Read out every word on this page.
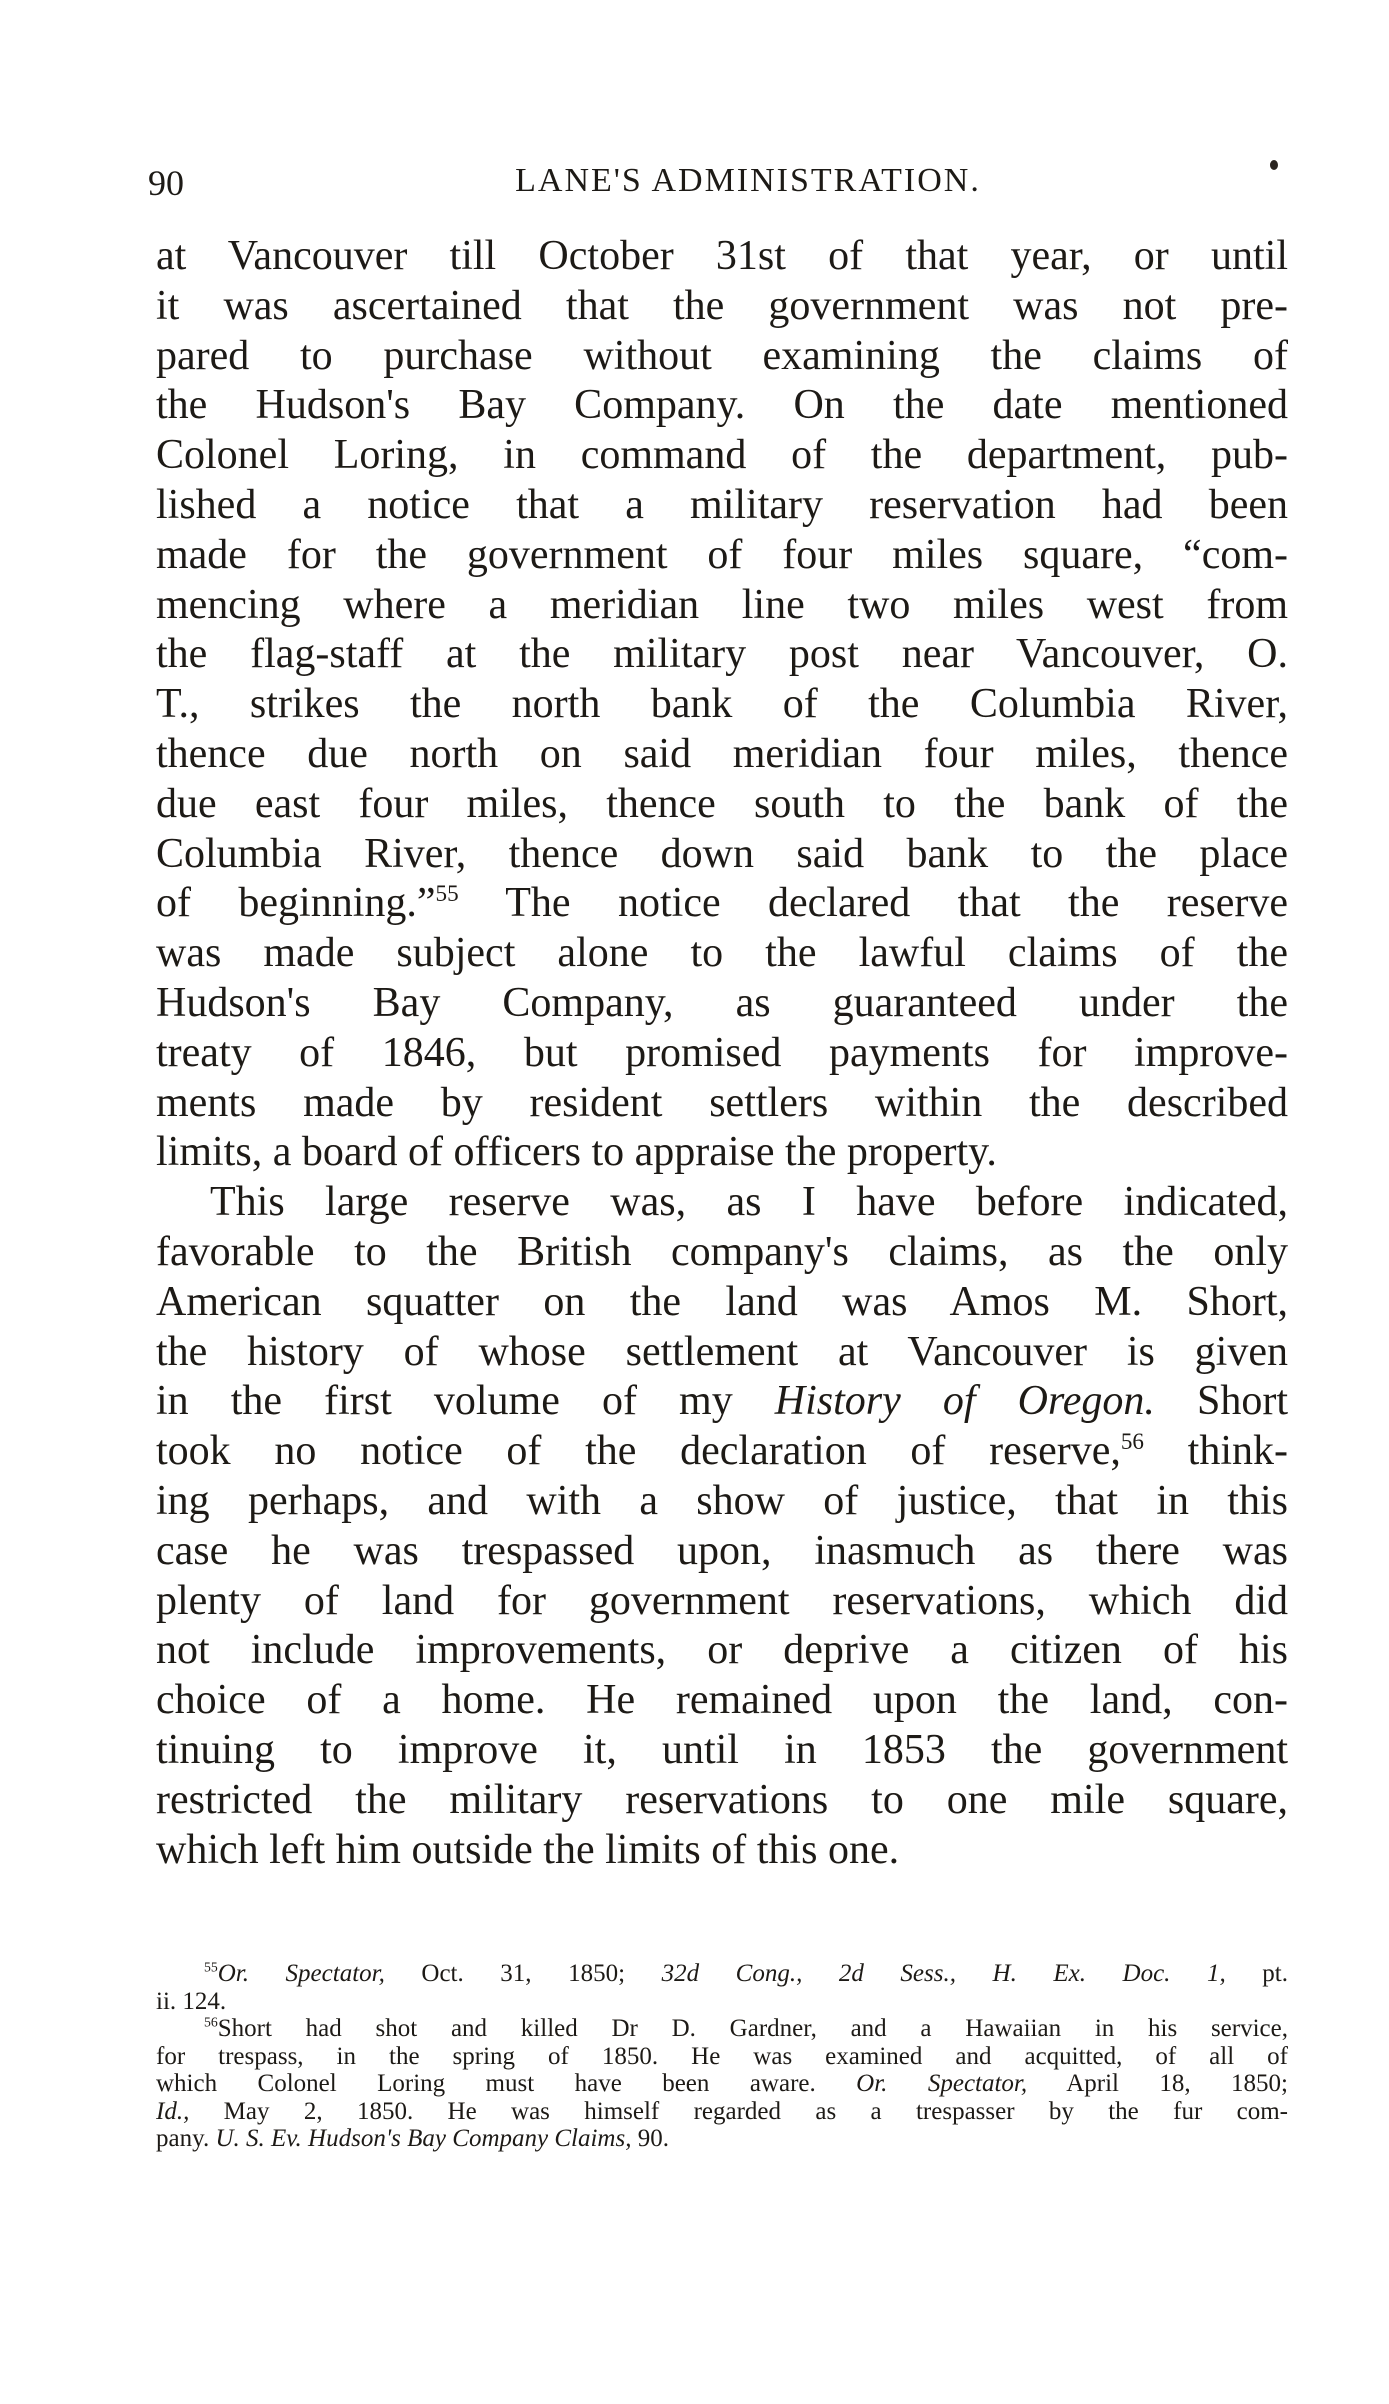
90	LANE'S ADMINISTRATION.
at Vancouver till October 31st of that year, or until
it was ascertained that the government was not pre-
pared to purchase without examining the claims of
the Hudson's Bay Company. On the date mentioned
Colonel Loring, in command of the department, pub-
lished a notice that a military reservation had been
made for the government of four miles square, “com-
mencing where a meridian line two miles west from
the flag-staff at the military post near Vancouver, O.
T., strikes the north bank of the Columbia River,
thence due north on said meridian four miles, thence
due east four miles, thence south to the bank of the
Columbia River, thence down said bank to the place
of beginning.”$^{55}$ The notice declared that the reserve
was made subject alone to the lawful claims of the
Hudson's Bay Company, as guaranteed under the
treaty of 1846, but promised payments for improve-
ments made by resident settlers within the described
limits, a board of officers to appraise the property.
This large reserve was, as I have before indicated,
favorable to the British company's claims, as the only
American squatter on the land was Amos M. Short,
the history of whose settlement at Vancouver is given
in the first volume of my History of Oregon. Short
took no notice of the declaration of reserve,$^{56}$ think-
ing perhaps, and with a show of justice, that in this
case he was trespassed upon, inasmuch as there was
plenty of land for government reservations, which did
not include improvements, or deprive a citizen of his
choice of a home. He remained upon the land, con-
tinuing to improve it, until in 1853 the government
restricted the military reservations to one mile square,
which left him outside the limits of this one.
$^{55}$Or. Spectator, Oct. 31, 1850; 32d Cong., 2d Sess., H. Ex. Doc. 1, pt.
ii. 124.
$^{56}$Short had shot and killed Dr D. Gardner, and a Hawaiian in his service,
for trespass, in the spring of 1850. He was examined and acquitted, of all of
which Colonel Loring must have been aware. Or. Spectator, April 18, 1850;
Id., May 2, 1850. He was himself regarded as a trespasser by the fur com-
pany. U. S. Ev. Hudson's Bay Company Claims, 90.
